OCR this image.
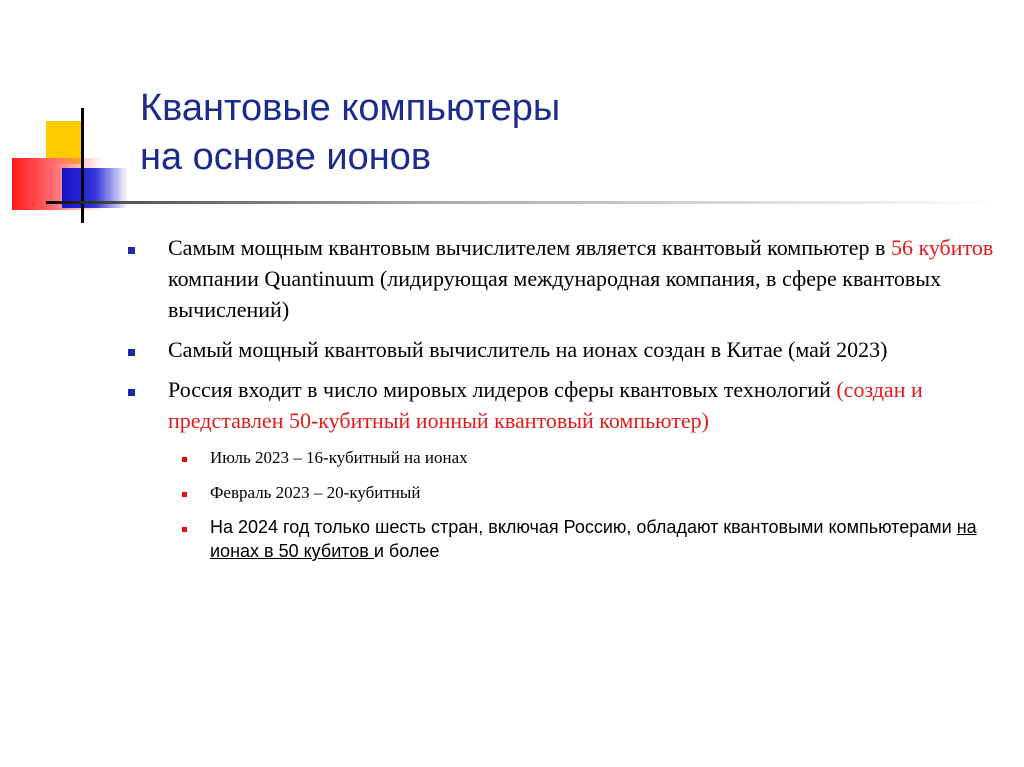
Квантовые компьютеры
на основе ионов

Самым мощным квантовым вычислителем является квантовый компьютер в 56 кубитов компании Quantinuum (лидирующая международная компания, в сфере квантовых вычислений)

Самый мощный квантовый вычислитель на ионах создан в Китае (май 2023)

Россия входит в число мировых лидеров сферы квантовых технологий (создан и представлен 50-кубитный ионный квантовый компьютер)

Июль 2023 – 16-кубитный на ионах

Февраль 2023 – 20-кубитный

На 2024 год только шесть стран, включая Россию, обладают квантовыми компьютерами на ионах в 50 кубитов и более
